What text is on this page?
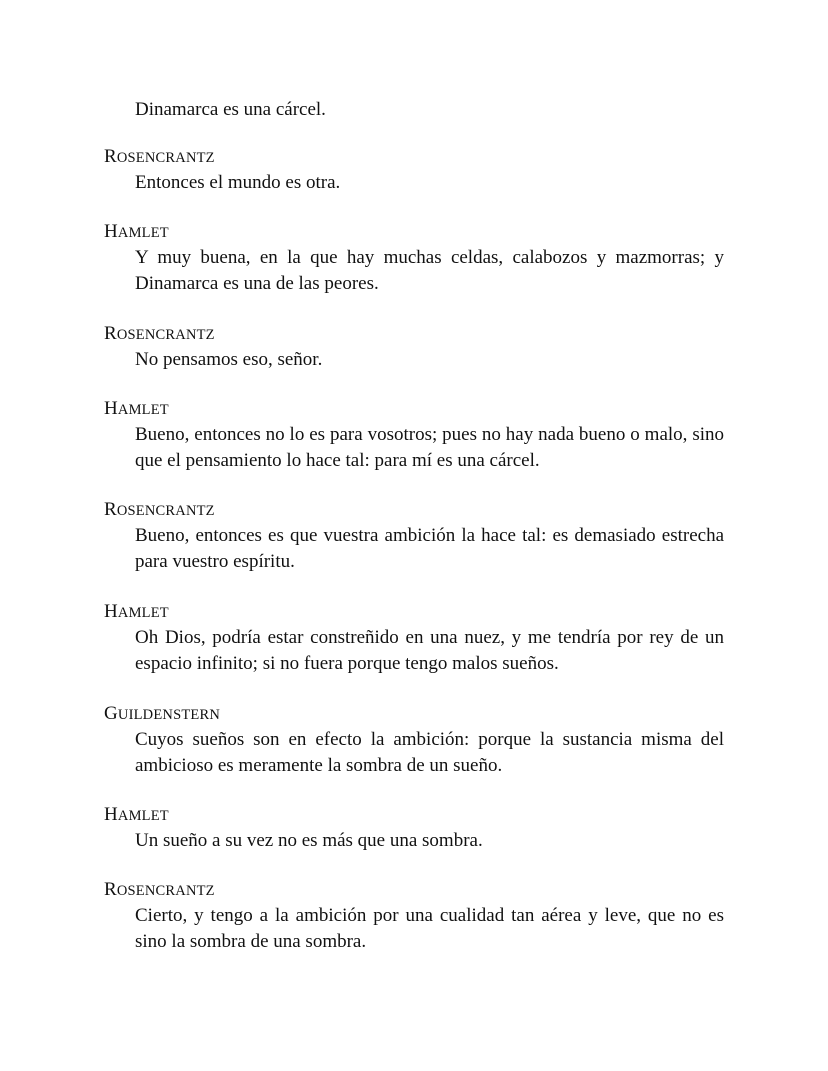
Dinamarca es una cárcel.

ROSENCRANTZ

Entonces el mundo es otra.

HAMLET

Y muy buena, en la que hay muchas celdas, calabozos y mazmorras; y Dinamarca es una de las peores.

ROSENCRANTZ

No pensamos eso, señor.

HAMLET

Bueno, entonces no lo es para vosotros; pues no hay nada bueno o malo, sino que el pensamiento lo hace tal: para mí es una cárcel.

ROSENCRANTZ

Bueno, entonces es que vuestra ambición la hace tal: es demasiado estrecha para vuestro espíritu.

HAMLET

Oh Dios, podría estar constreñido en una nuez, y me tendría por rey de un espacio infinito; si no fuera porque tengo malos sueños.

GUILDENSTERN

Cuyos sueños son en efecto la ambición: porque la sustancia misma del ambicioso es meramente la sombra de un sueño.

HAMLET

Un sueño a su vez no es más que una sombra.

ROSENCRANTZ

Cierto, y tengo a la ambición por una cualidad tan aérea y leve, que no es sino la sombra de una sombra.
